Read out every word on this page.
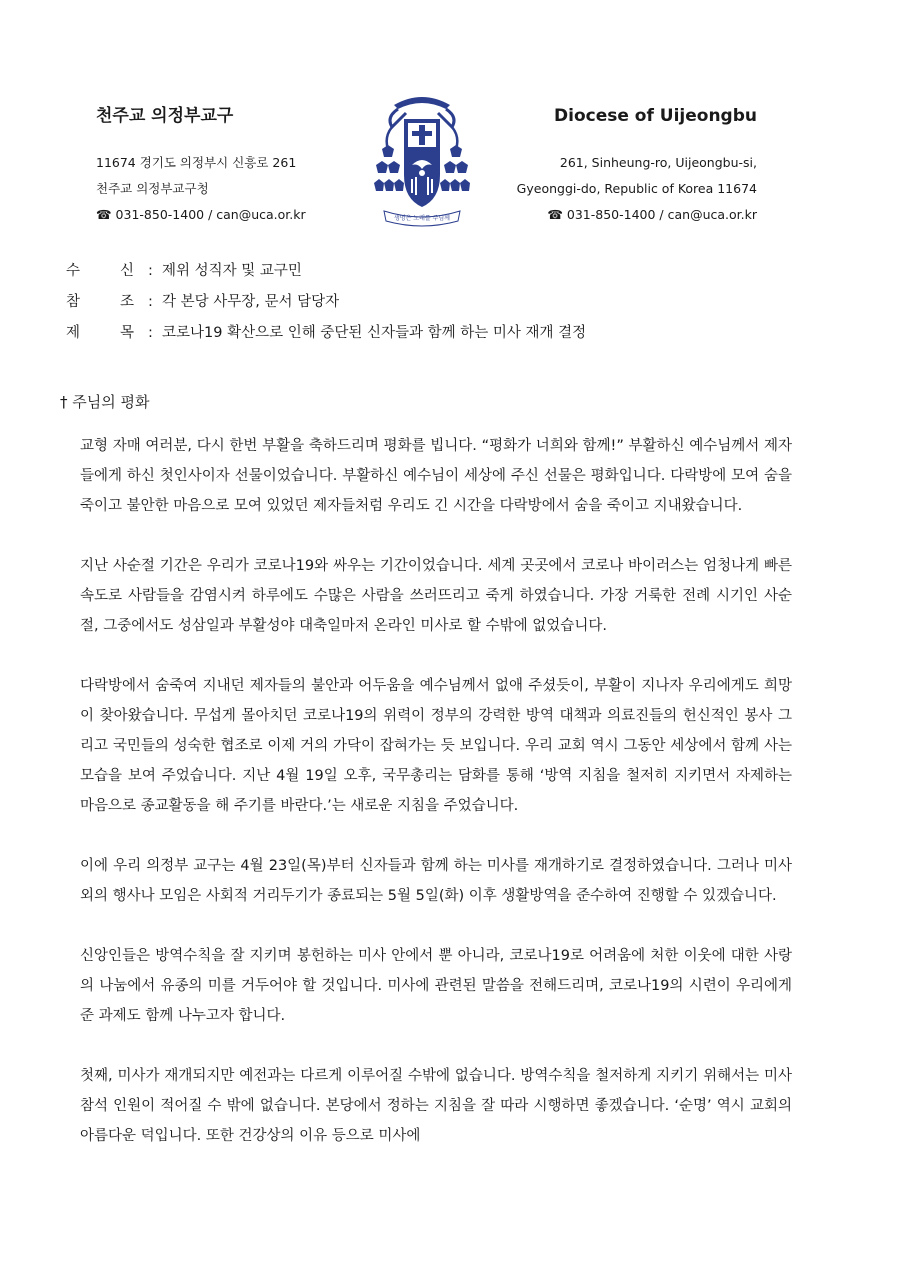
천주교 의정부교구
11674 경기도 의정부시 신흥로 261
천주교 의정부교구청
☎ 031-850-1400 / can@uca.or.kr	생명은 노래를 주님께
Diocese of Uijeongbu
261, Sinheung-ro, Uijeongbu-si,
Gyeonggi-do, Republic of Korea 11674
☎ 031-850-1400 / can@uca.or.kr
수	신 : 제위 성직자 및 교구민
참	조 : 각 본당 사무장, 문서 담당자
제	목 : 코로나19 확산으로 인해 중단된 신자들과 함께 하는 미사 재개 결정
† 주님의 평화

교형 자매 여러분, 다시 한번 부활을 축하드리며 평화를 빕니다. “평화가 너희와 함께!” 부활하신 예수님께서 제자들에게 하신 첫인사이자 선물이었습니다. 부활하신 예수님이 세상에 주신 선물은 평화입니다. 다락방에 모여 숨을 죽이고 불안한 마음으로 모여 있었던 제자들처럼 우리도 긴 시간을 다락방에서 숨을 죽이고 지내왔습니다.

지난 사순절 기간은 우리가 코로나19와 싸우는 기간이었습니다. 세계 곳곳에서 코로나 바이러스는 엄청나게 빠른 속도로 사람들을 감염시켜 하루에도 수많은 사람을 쓰러뜨리고 죽게 하였습니다. 가장 거룩한 전례 시기인 사순절, 그중에서도 성삼일과 부활성야 대축일마저 온라인 미사로 할 수밖에 없었습니다.

다락방에서 숨죽여 지내던 제자들의 불안과 어두움을 예수님께서 없애 주셨듯이, 부활이 지나자 우리에게도 희망이 찾아왔습니다. 무섭게 몰아치던 코로나19의 위력이 정부의 강력한 방역 대책과 의료진들의 헌신적인 봉사 그리고 국민들의 성숙한 협조로 이제 거의 가닥이 잡혀가는 듯 보입니다. 우리 교회 역시 그동안 세상에서 함께 사는 모습을 보여 주었습니다. 지난 4월 19일 오후, 국무총리는 담화를 통해 ‘방역 지침을 철저히 지키면서 자제하는 마음으로 종교활동을 해 주기를 바란다.’는 새로운 지침을 주었습니다.

이에 우리 의정부 교구는 4월 23일(목)부터 신자들과 함께 하는 미사를 재개하기로 결정하였습니다. 그러나 미사 외의 행사나 모임은 사회적 거리두기가 종료되는 5월 5일(화) 이후 생활방역을 준수하여 진행할 수 있겠습니다.

신앙인들은 방역수칙을 잘 지키며 봉헌하는 미사 안에서 뿐 아니라, 코로나19로 어려움에 처한 이웃에 대한 사랑의 나눔에서 유종의 미를 거두어야 할 것입니다. 미사에 관련된 말씀을 전해드리며, 코로나19의 시련이 우리에게 준 과제도 함께 나누고자 합니다.

첫째, 미사가 재개되지만 예전과는 다르게 이루어질 수밖에 없습니다. 방역수칙을 철저하게 지키기 위해서는 미사 참석 인원이 적어질 수 밖에 없습니다. 본당에서 정하는 지침을 잘 따라 시행하면 좋겠습니다. ‘순명’ 역시 교회의 아름다운 덕입니다. 또한 건강상의 이유 등으로 미사에
